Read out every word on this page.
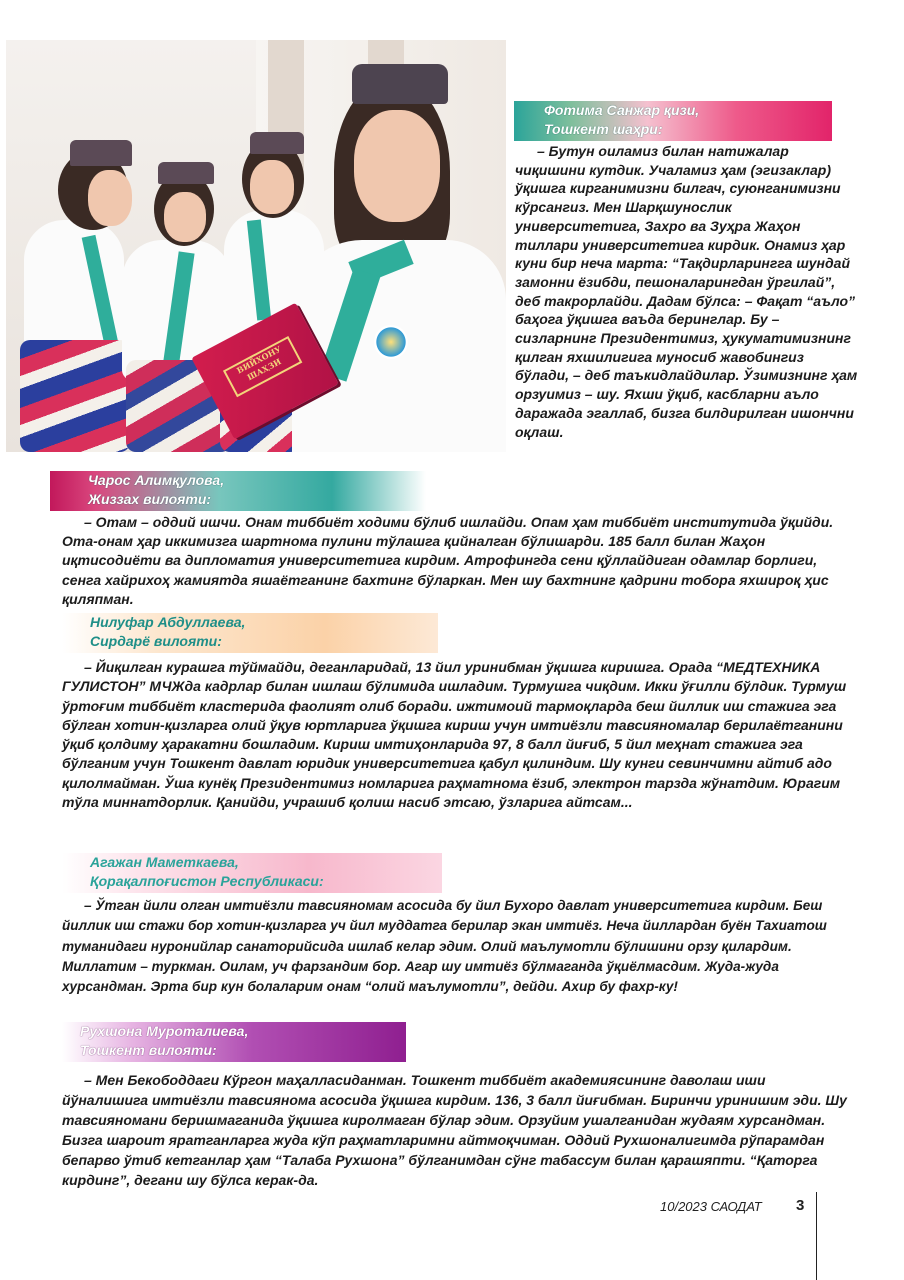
ВИЙХОНУ ШАҲЗИ
Фотима Санжар қизи,
Тошкент шаҳри:

– Бутун оиламиз билан натижалар чиқишини кутдик. Учаламиз ҳам (эгизаклар) ўқишга кирганимизни билгач, суюнганимизни кўрсангиз. Мен Шарқшунослик университетига, Захро ва Зуҳра Жаҳон тиллари университетига кирдик. Онамиз ҳар куни бир неча марта: “Тақдирларингга шундай замонни ёзибди, пешоналарингдан ўргилай”, деб такрорлайди. Дадам бўлса: – Фақат “аъло” баҳога ўқишга ваъда беринглар. Бу – сизларнинг Президентимиз, ҳукуматимизнинг қилган яхшилигига муносиб жавобингиз бўлади, – деб таъкидлайдилар. Ўзимизнинг ҳам орзуимиз – шу. Яхши ўқиб, касбларни аъло даражада эгаллаб, бизга билдирилган ишончни оқлаш.

Чарос Алимқулова,
Жиззах вилояти:

– Отам – оддий ишчи. Онам тиббиёт ходими бўлиб ишлайди. Опам ҳам тиббиёт институтида ўқийди. Ота-онам ҳар иккимизга шартнома пулини тўлашга қийналган бўлишарди. 185 балл билан Жаҳон иқтисодиёти ва дипломатия университетига кирдим. Атрофингда сени қўллайдиган одамлар борлиги, сенга хайрихоҳ жамиятда яшаётганинг бахтинг бўларкан. Мен шу бахтнинг қадрини тобора яхшироқ ҳис қиляпман.

Нилуфар Абдуллаева,
Сирдарё вилояти:

– Йиқилган курашга тўймайди, деганларидай, 13 йил уринибман ўқишга киришга. Орада “МЕДТЕХНИКА ГУЛИСТОН” МЧЖда кадрлар билан ишлаш бўлимида ишладим. Турмушга чиқдим. Икки ўғилли бўлдик. Турмуш ўртоғим тиббиёт кластерида фаолият олиб боради. ижтимоий тармоқларда беш йиллик иш стажига эга бўлган хотин-қизларга олий ўқув юртларига ўқишга кириш учун имтиёзли тавсияномалар берилаётганини ўқиб қолдиму ҳаракатни бошладим. Кириш имтиҳонларида 97, 8 балл йиғиб, 5 йил меҳнат стажига эга бўлганим учун Тошкент давлат юридик университетига қабул қилиндим. Шу кунги севинчимни айтиб адо қилолмайман. Ўша кунёқ Президентимиз номларига раҳматнома ёзиб, электрон тарзда жўнатдим. Юрагим тўла миннатдорлик. Қанийди, учрашиб қолиш насиб этсаю, ўзларига айтсам...

Агажан Маметкаева,
Қорақалпоғистон Республикаси:

– Ўтган йили олган имтиёзли тавсияномам асосида бу йил Бухоро давлат университетига кирдим. Беш йиллик иш стажи бор хотин-қизларга уч йил муддатга берилар экан имтиёз. Неча йиллардан буён Тахиатош туманидаги нуронийлар санаторийсида ишлаб келар эдим. Олий маълумотли бўлишини орзу қилардим. Миллатим – туркман. Оилам, уч фарзандим бор. Агар шу имтиёз бўлмаганда ўқиёлмасдим. Жуда-жуда хурсандман. Эрта бир кун болаларим онам “олий маълумотли”, дейди. Ахир бу фахр-ку!

Рухшона Муроталиева,
Тошкент вилояти:

– Мен Бекободдаги Кўргон маҳалласиданман. Тошкент тиббиёт академиясининг даволаш иши йўналишига имтиёзли тавсиянома асосида ўқишга кирдим. 136, 3 балл йиғибман. Биринчи уринишим эди. Шу тавсияномани беришмаганида ўқишга киролмаган бўлар эдим. Орзуйим ушалганидан жудаям хурсандман. Бизга шароит яратганларга жуда кўп раҳматларимни айтмоқчиман. Оддий Рухшоналигимда рўпарамдан бепарво ўтиб кетганлар ҳам “Талаба Рухшона” бўлганимдан сўнг табассум билан қарашяпти. “Қаторга кирдинг”, дегани шу бўлса керак-да.

10/2023 САОДАТ 3
